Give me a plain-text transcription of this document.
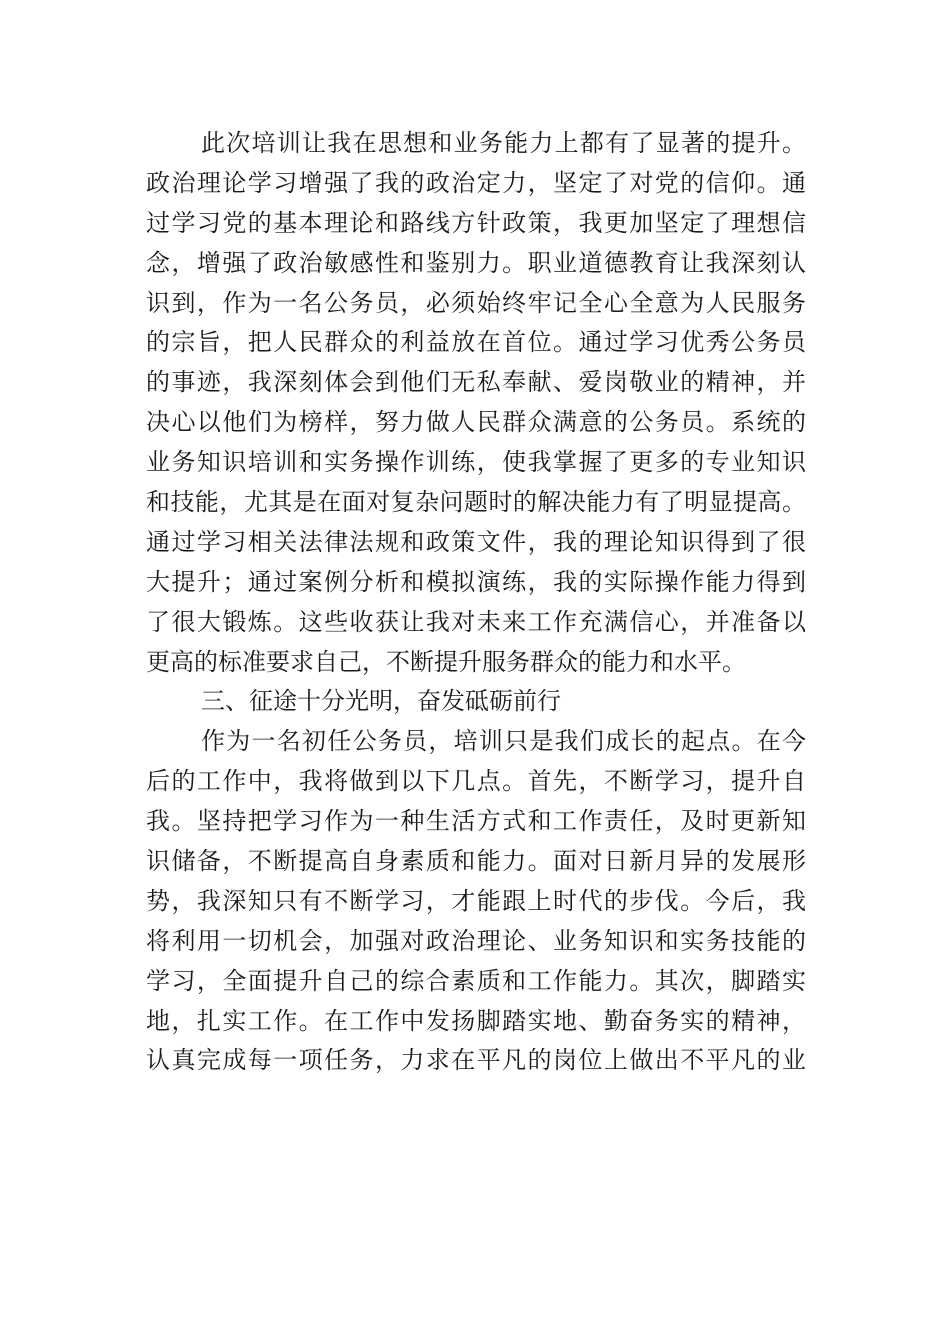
此次培训让我在思想和业务能力上都有了显著的提升。
政治理论学习增强了我的政治定力，坚定了对党的信仰。通
过学习党的基本理论和路线方针政策，我更加坚定了理想信
念，增强了政治敏感性和鉴别力。职业道德教育让我深刻认
识到，作为一名公务员，必须始终牢记全心全意为人民服务
的宗旨，把人民群众的利益放在首位。通过学习优秀公务员
的事迹，我深刻体会到他们无私奉献、爱岗敬业的精神，并
决心以他们为榜样，努力做人民群众满意的公务员。系统的
业务知识培训和实务操作训练，使我掌握了更多的专业知识
和技能，尤其是在面对复杂问题时的解决能力有了明显提高。
通过学习相关法律法规和政策文件，我的理论知识得到了很
大提升；通过案例分析和模拟演练，我的实际操作能力得到
了很大锻炼。这些收获让我对未来工作充满信心，并准备以
更高的标准要求自己，不断提升服务群众的能力和水平。
三、征途十分光明，奋发砥砺前行
作为一名初任公务员，培训只是我们成长的起点。在今
后的工作中，我将做到以下几点。首先，不断学习，提升自
我。坚持把学习作为一种生活方式和工作责任，及时更新知
识储备，不断提高自身素质和能力。面对日新月异的发展形
势，我深知只有不断学习，才能跟上时代的步伐。今后，我
将利用一切机会，加强对政治理论、业务知识和实务技能的
学习，全面提升自己的综合素质和工作能力。其次，脚踏实
地，扎实工作。在工作中发扬脚踏实地、勤奋务实的精神，
认真完成每一项任务，力求在平凡的岗位上做出不平凡的业
